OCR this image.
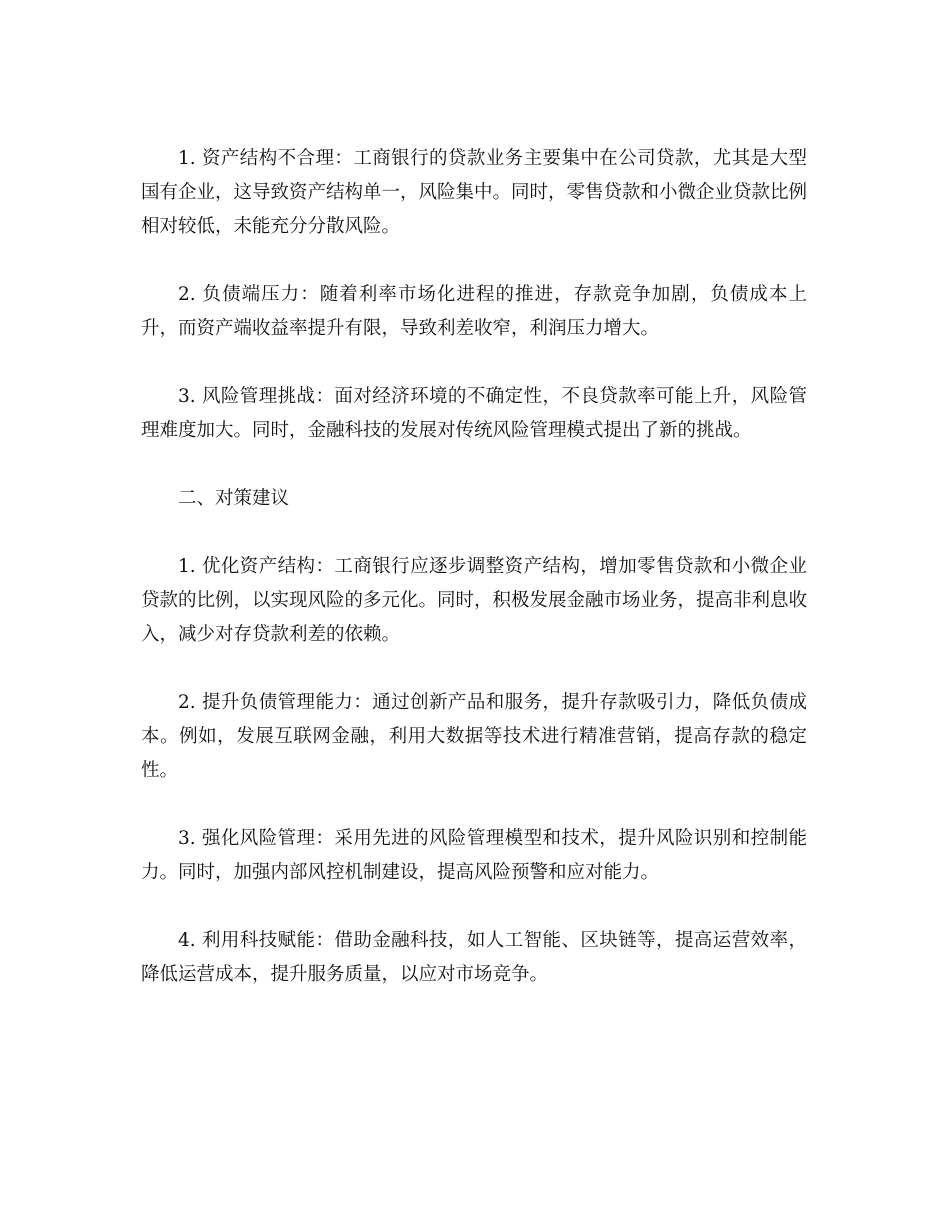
1. 资产结构不合理：工商银行的贷款业务主要集中在公司贷款，尤其是大型国有企业，这导致资产结构单一，风险集中。同时，零售贷款和小微企业贷款比例相对较低，未能充分分散风险。

2. 负债端压力：随着利率市场化进程的推进，存款竞争加剧，负债成本上升，而资产端收益率提升有限，导致利差收窄，利润压力增大。

3. 风险管理挑战：面对经济环境的不确定性，不良贷款率可能上升，风险管理难度加大。同时，金融科技的发展对传统风险管理模式提出了新的挑战。

二、对策建议

1. 优化资产结构：工商银行应逐步调整资产结构，增加零售贷款和小微企业贷款的比例，以实现风险的多元化。同时，积极发展金融市场业务，提高非利息收入，减少对存贷款利差的依赖。

2. 提升负债管理能力：通过创新产品和服务，提升存款吸引力，降低负债成本。例如，发展互联网金融，利用大数据等技术进行精准营销，提高存款的稳定性。

3. 强化风险管理：采用先进的风险管理模型和技术，提升风险识别和控制能力。同时，加强内部风控机制建设，提高风险预警和应对能力。

4. 利用科技赋能：借助金融科技，如人工智能、区块链等，提高运营效率，降低运营成本，提升服务质量，以应对市场竞争。
